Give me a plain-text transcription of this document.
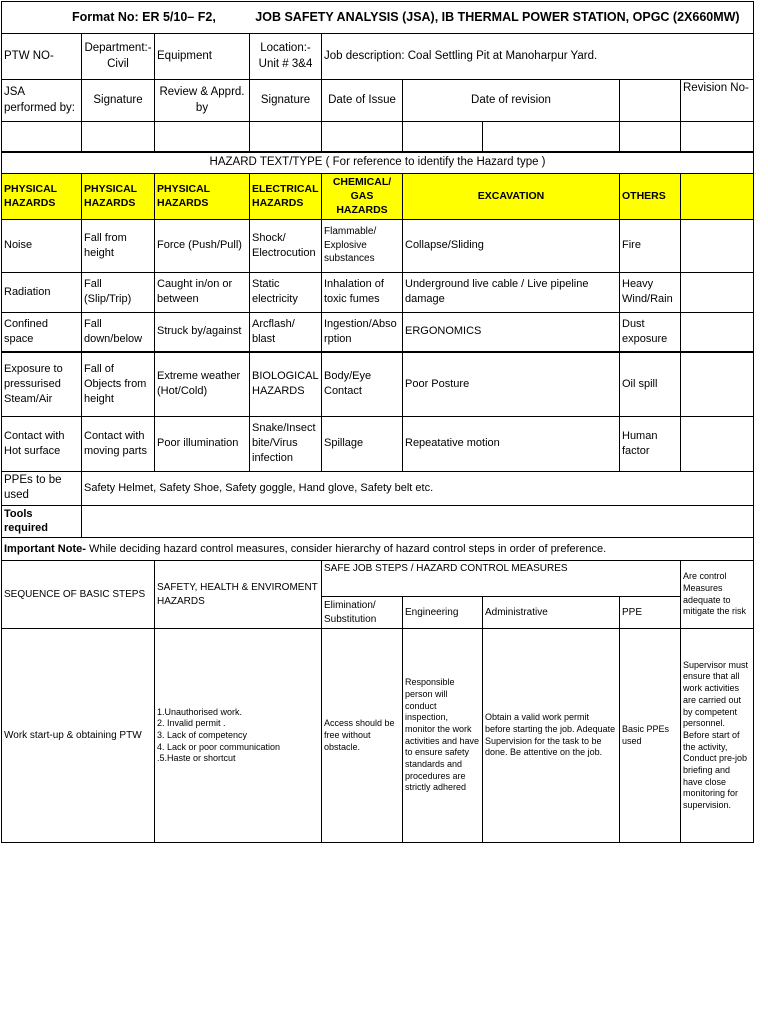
Format No: ER 5/10– F2, JOB SAFETY ANALYSIS (JSA), IB THERMAL POWER STATION, OPGC (2X660MW)								
PTW NO-	Department:- Civil	Equipment	Location:- Unit # 3&4	Job description: Coal Settling Pit at Manoharpur Yard.				
JSA performed by:	Signature	Review & Apprd. by	Signature	Date of Issue	Date of revision			Revision No-

HAZARD TEXT/TYPE ( For reference to identify the Hazard type )								
PHYSICAL HAZARDS	PHYSICAL HAZARDS	PHYSICAL HAZARDS	ELECTRICAL HAZARDS	CHEMICAL/ GAS HAZARDS	EXCAVATION		OTHERS	
Noise	Fall from height	Force (Push/Pull)	Shock/ Electrocution	Flammable/ Explosive substances	Collapse/Sliding		Fire	
Radiation	Fall (Slip/Trip)	Caught in/on or between	Static electricity	Inhalation of toxic fumes	Underground live cable / Live pipeline damage		Heavy Wind/Rain	
Confined space	Fall down/below	Struck by/against	Arcflash/ blast	Ingestion/Absorption	ERGONOMICS		Dust exposure	
Exposure to pressurised Steam/Air	Fall of Objects from height	Extreme weather (Hot/Cold)	BIOLOGICAL HAZARDS	Body/Eye Contact	Poor Posture		Oil spill	
Contact with Hot surface	Contact with moving parts	Poor illumination	Snake/Insect bite/Virus infection	Spillage	Repeatative motion		Human factor	
PPEs to be used	Safety Helmet, Safety Shoe, Safety goggle, Hand glove, Safety belt etc.							
Tools required								
Important Note- While deciding hazard control measures, consider hierarchy of hazard control steps in order of preference.								
SEQUENCE OF BASIC STEPS		SAFETY, HEALTH & ENVIROMENT HAZARDS		SAFE JOB STEPS / HAZARD CONTROL MEASURES				Are control Measures adequate to mitigate the risk
				Elimination/ Substitution	Engineering	Administrative	PPE	
Work start-up & obtaining PTW		1.Unauthorised work.
2. Invalid permit .
3. Lack of competency
4. Lack or poor communication
.5.Haste or shortcut		Access should be free without obstacle.	Responsible person will conduct inspection, monitor the work activities and have to ensure safety standards and procedures are strictly adhered	Obtain a valid work permit before starting the job. Adequate Supervision for the task to be done. Be attentive on the job.	Basic PPEs used	Supervisor must ensure that all work activities are carried out by competent personnel. Before start of the activity, Conduct pre-job briefing and have close monitoring for supervision.
